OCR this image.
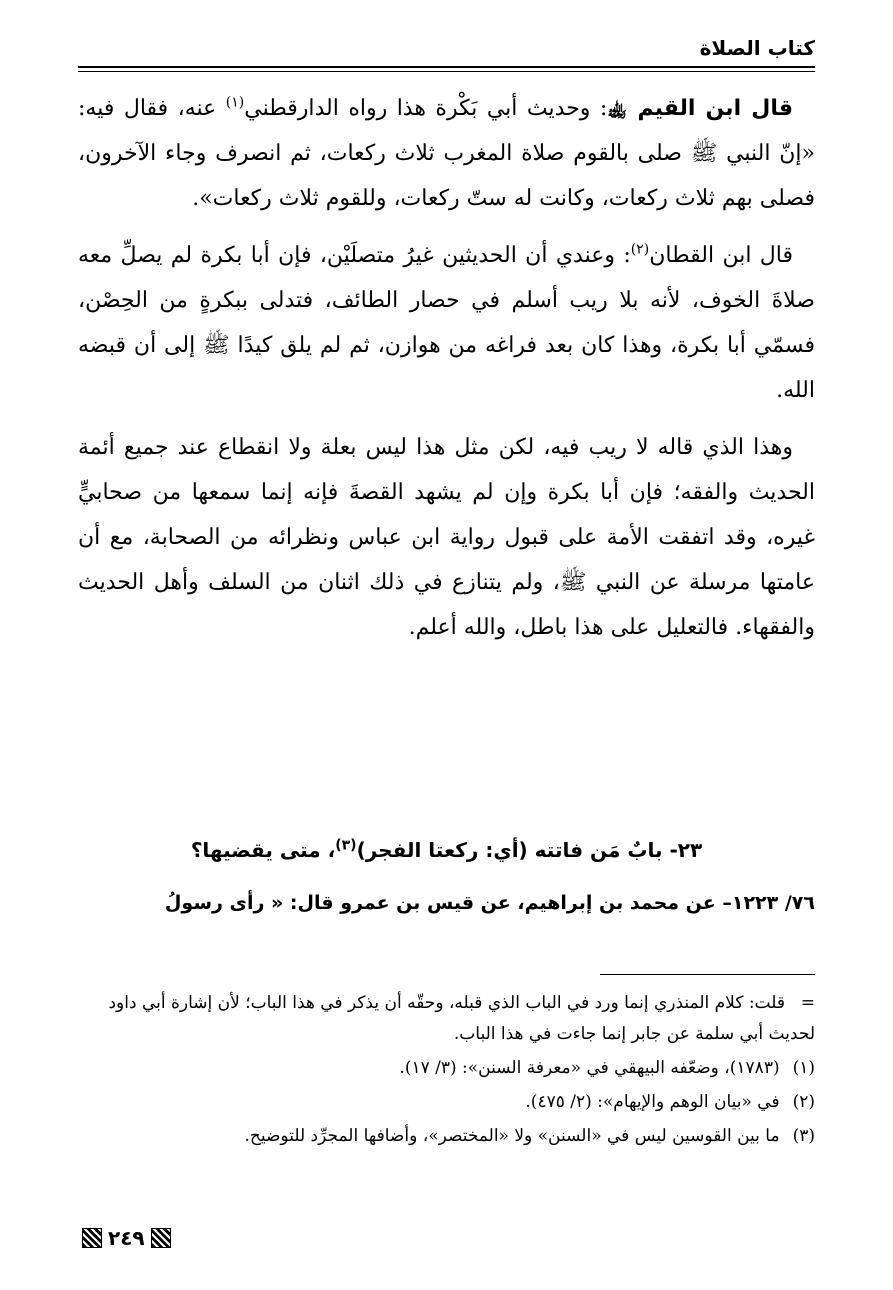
كتاب الصلاة

قال ابن القيم ﵀: وحديث أبي بَكْرة هذا رواه الدارقطني$^{(١)}$ عنه، فقال فيه: «إنّ النبي ﷺ صلى بالقوم صلاة المغرب ثلاث ركعات، ثم انصرف وجاء الآخرون، فصلى بهم ثلاث ركعات، وكانت له ستّ ركعات، وللقوم ثلاث ركعات».

قال ابن القطان$^{(٢)}$: وعندي أن الحديثين غيرُ متصلَيْن، فإن أبا بكرة لم يصلِّ معه صلاةَ الخوف، لأنه بلا ريب أسلم في حصار الطائف، فتدلى ببكرةٍ من الحِصْن، فسمّي أبا بكرة، وهذا كان بعد فراغه من هوازن، ثم لم يلق كيدًا ﷺ إلى أن قبضه الله.

وهذا الذي قاله لا ريب فيه، لكن مثل هذا ليس بعلة ولا انقطاع عند جميع أئمة الحديث والفقه؛ فإن أبا بكرة وإن لم يشهد القصةَ فإنه إنما سمعها من صحابيٍّ غيره، وقد اتفقت الأمة على قبول رواية ابن عباس ونظرائه من الصحابة، مع أن عامتها مرسلة عن النبي ﷺ، ولم يتنازع في ذلك اثنان من السلف وأهل الحديث والفقهاء. فالتعليل على هذا باطل، والله أعلم.

٢٣- بابٌ مَن فاتته (أي: ركعتا الفجر)$^{(٣)}$، متى يقضيها؟
٧٦/ ١٢٢٣– عن محمد بن إبراهيم، عن قيس بن عمرو قال: « رأى رسولُ

=قلت: كلام المنذري إنما ورد في الباب الذي قبله، وحقّه أن يذكر في هذا الباب؛ لأن إشارة أبي داود لحديث أبي سلمة عن جابر إنما جاءت في هذا الباب.

(١) (١٧٨٣)، وضعّفه البيهقي في «معرفة السنن»: (٣/ ١٧).

(٢) في «بيان الوهم والإيهام»: (٢/ ٤٧٥).

(٣) ما بين القوسين ليس في «السنن» ولا «المختصر»، وأضافها المجرِّد للتوضيح.

٢٤٩
